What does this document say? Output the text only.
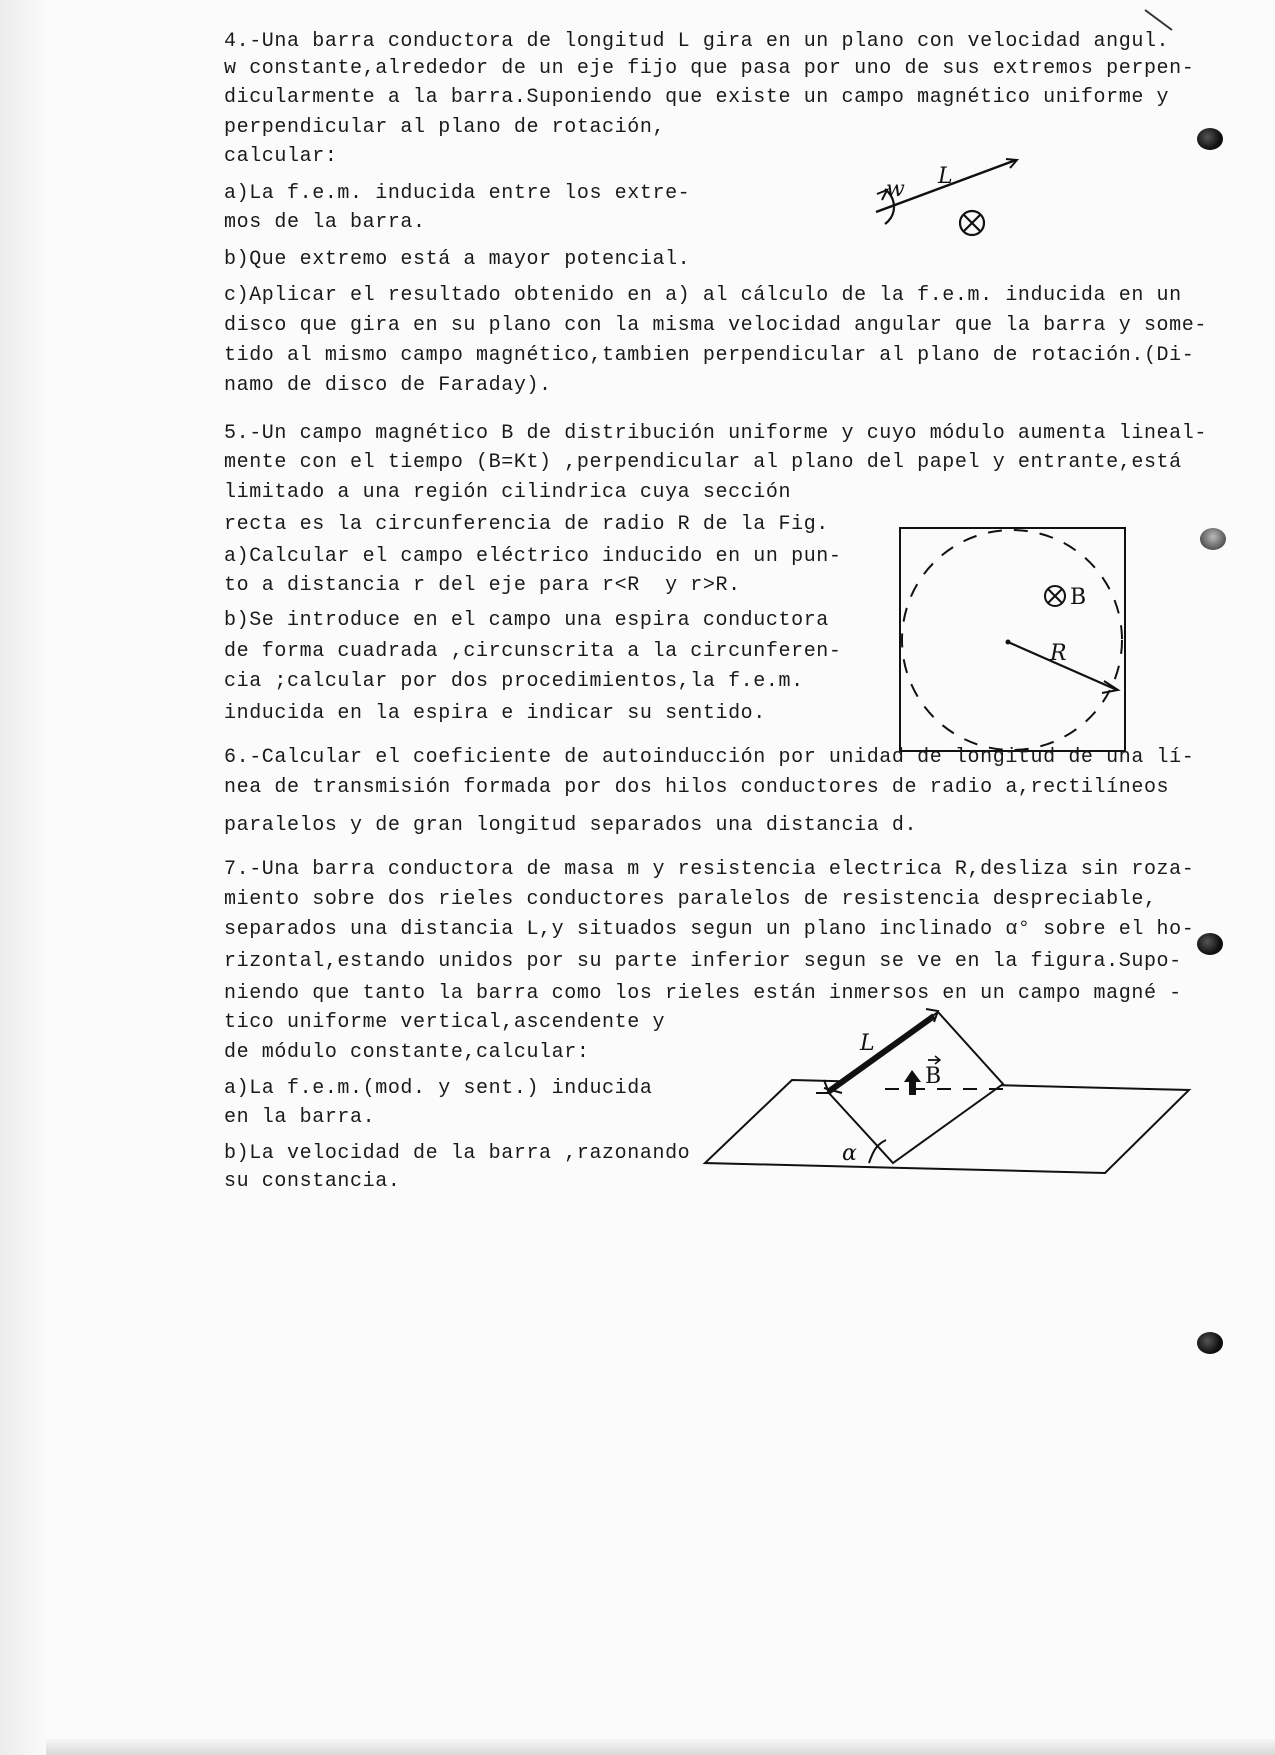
4.-Una barra conductora de longitud L gira en un plano con velocidad angul.
w constante,alrededor de un eje fijo que pasa por uno de sus extremos perpen-
dicularmente a la barra.Suponiendo que existe un campo magnético uniforme y
perpendicular al plano de rotación,
calcular:
a)La f.e.m. inducida entre los extre-
mos de la barra.
b)Que extremo está a mayor potencial.
c)Aplicar el resultado obtenido en a) al cálculo de la f.e.m. inducida en un
disco que gira en su plano con la misma velocidad angular que la barra y some-
tido al mismo campo magnético,tambien perpendicular al plano de rotación.(Di-
namo de disco de Faraday).
w
L
5.-Un campo magnético B de distribución uniforme y cuyo módulo aumenta lineal-
mente con el tiempo (B=Kt) ,perpendicular al plano del papel y entrante,está
limitado a una región cilindrica cuya sección
recta es la circunferencia de radio R de la Fig.
a)Calcular el campo eléctrico inducido en un pun-
to a distancia r del eje para r<R  y r>R.
b)Se introduce en el campo una espira conductora
de forma cuadrada ,circunscrita a la circunferen-
cia ;calcular por dos procedimientos,la f.e.m.
inducida en la espira e indicar su sentido.
R
B
6.-Calcular el coeficiente de autoinducción por unidad de longitud de una lí-
nea de transmisión formada por dos hilos conductores de radio a,rectilíneos
paralelos y de gran longitud separados una distancia d.
7.-Una barra conductora de masa m y resistencia electrica R,desliza sin roza-
miento sobre dos rieles conductores paralelos de resistencia despreciable,
separados una distancia L,y situados segun un plano inclinado α° sobre el ho-
rizontal,estando unidos por su parte inferior segun se ve en la figura.Supo-
niendo que tanto la barra como los rieles están inmersos en un campo magné -
tico uniforme vertical,ascendente y
de módulo constante,calcular:
a)La f.e.m.(mod. y sent.) inducida
en la barra.
b)La velocidad de la barra ,razonando
su constancia.
L
B
α
